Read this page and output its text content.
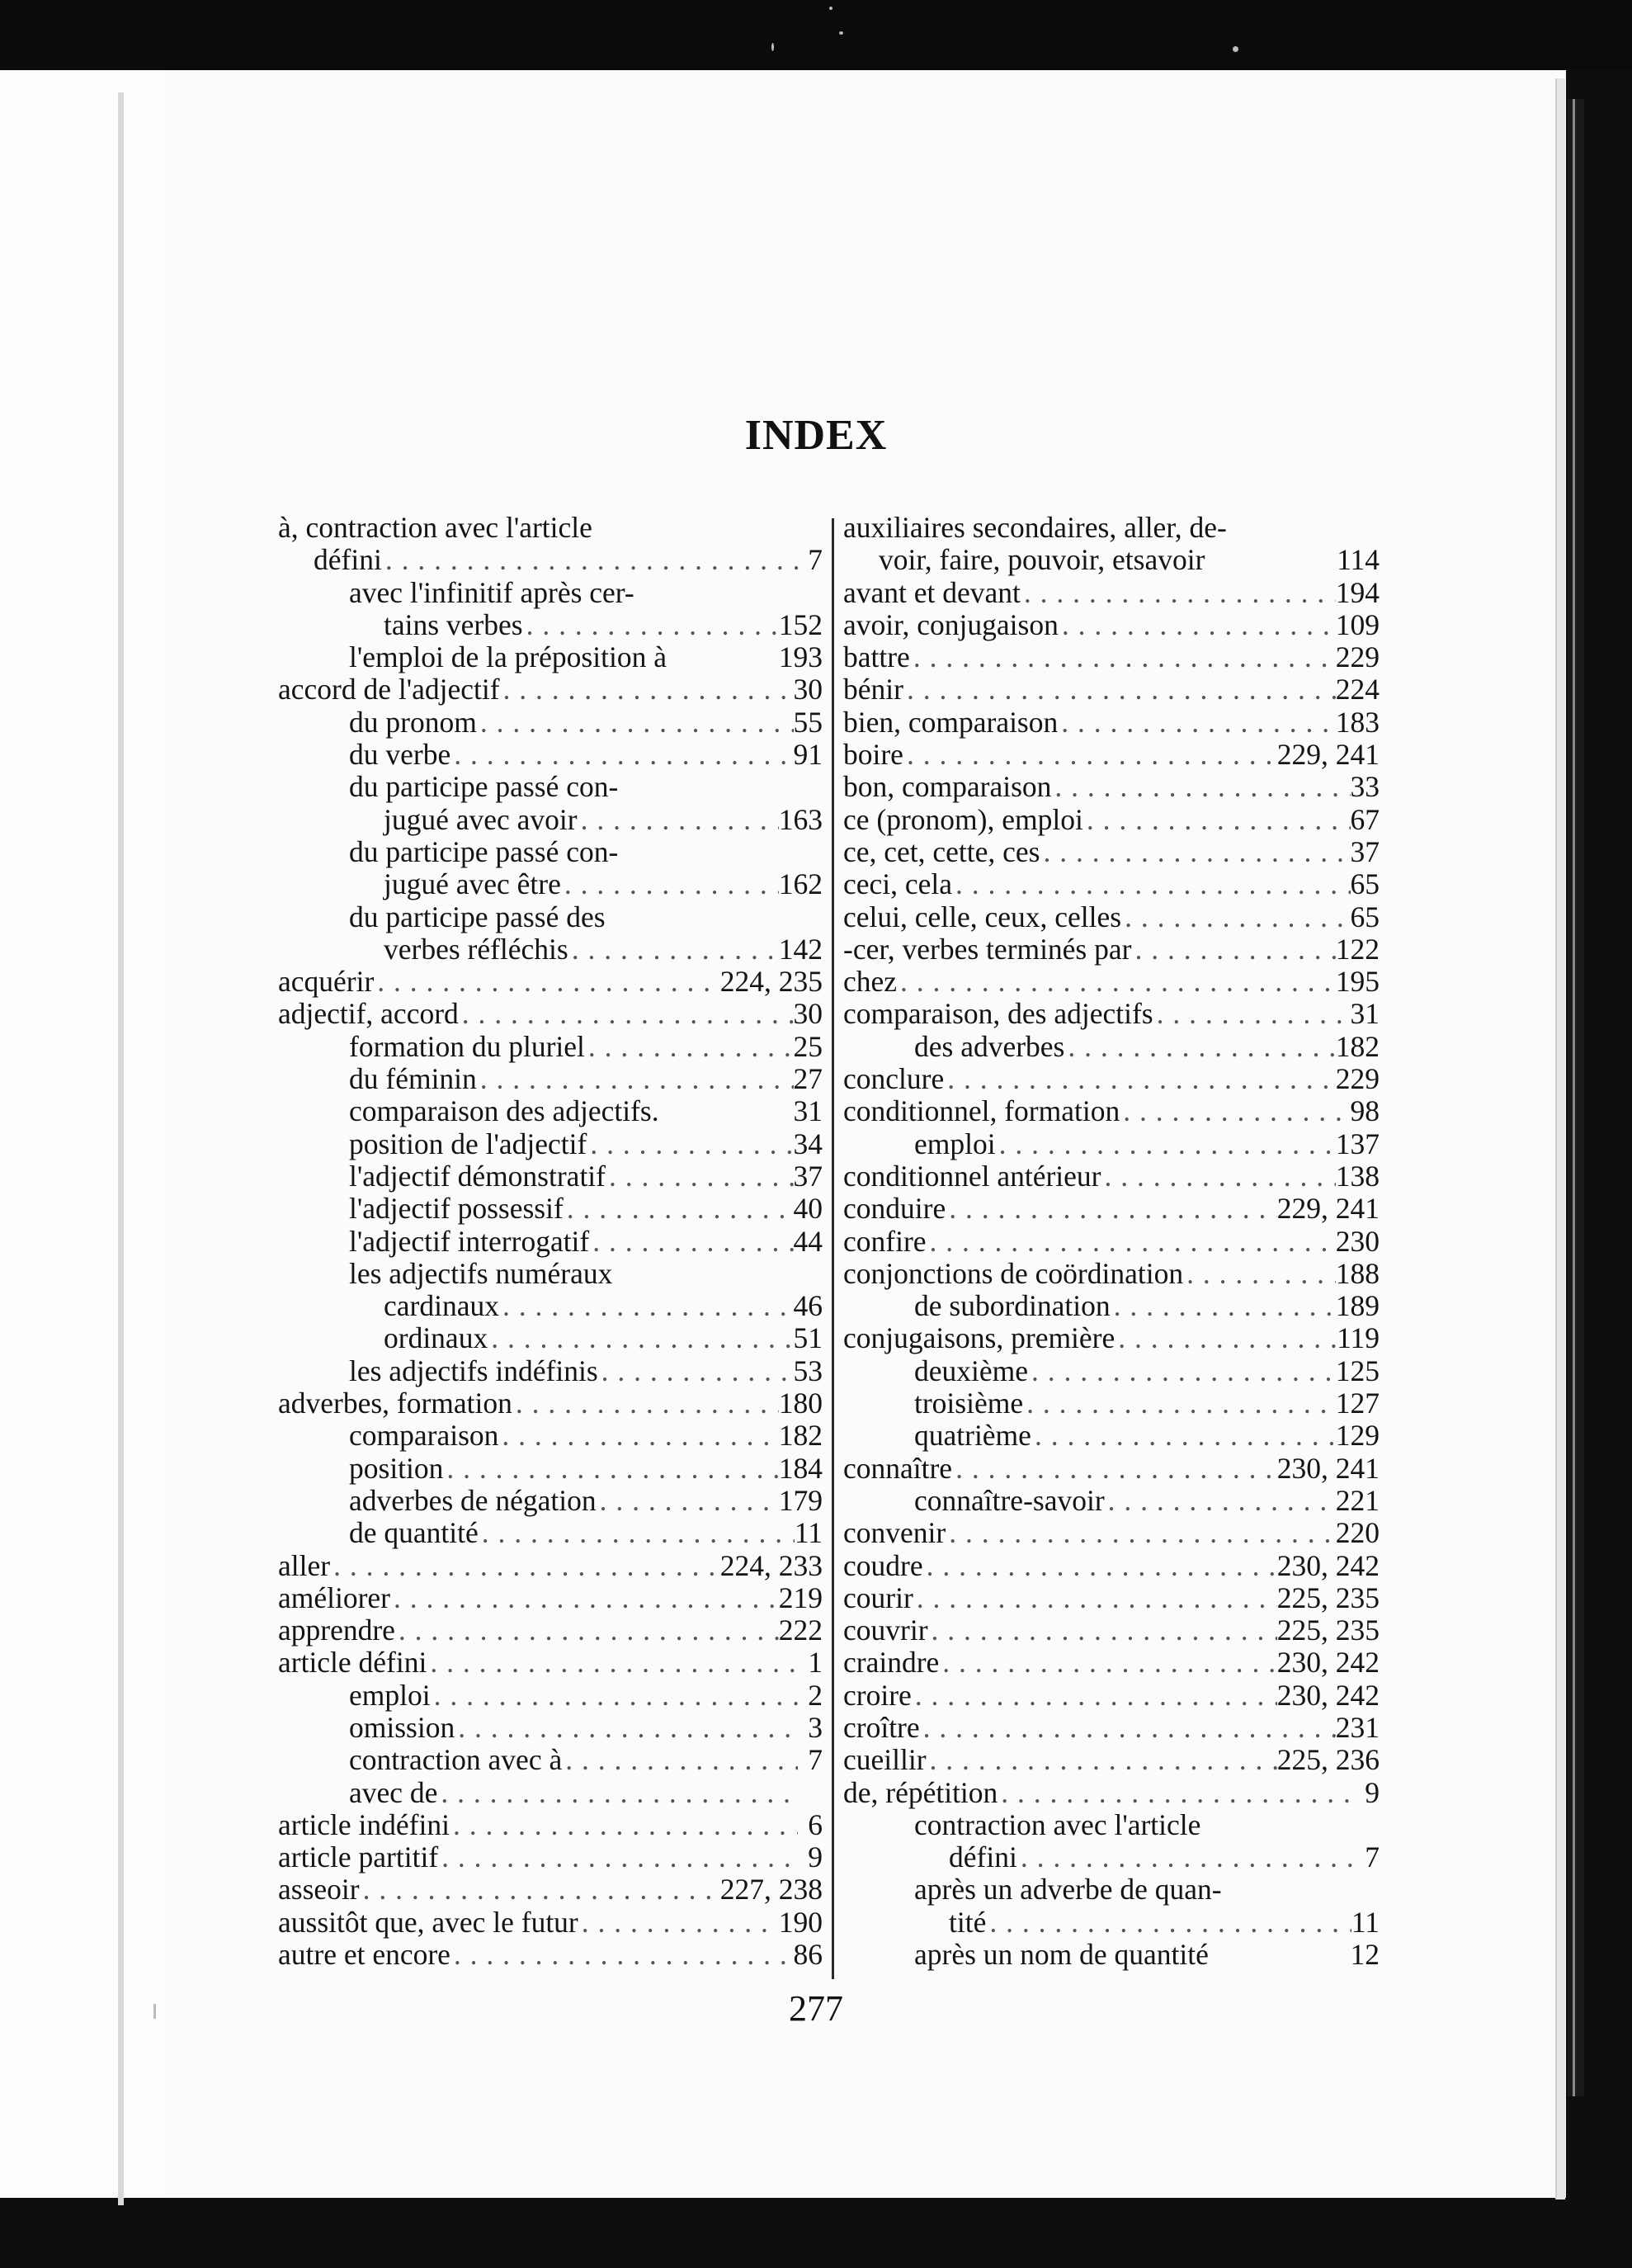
INDEX
à, contraction avec l'article
défini . . .	7
avec l'infinitif après cer-
tains verbes . . .	152
l'emploi de la préposition à	193
accord de l'adjectif . . .	30
du pronom . . .	55
du verbe . . .	91
du participe passé con-
jugué avec avoir . . .	163
du participe passé con-
jugué avec être . . .	162
du participe passé des
verbes réfléchis . . .	142
acquérir . . .	224, 235
adjectif, accord . . .	30
formation du pluriel . . .	25
du féminin . . .	27
comparaison des adjectifs.	31
position de l'adjectif . . .	34
l'adjectif démonstratif . . .	37
l'adjectif possessif . . .	40
l'adjectif interrogatif . . .	44
les adjectifs numéraux
cardinaux . . .	46
ordinaux . . .	51
les adjectifs indéfinis . . .	53
adverbes, formation . . .	180
comparaison . . .	182
position . . .	184
adverbes de négation . . .	179
de quantité . . .	11
aller . . .	224, 233
améliorer . . .	219
apprendre . . .	222
article défini . . .	1
emploi . . .	2
omission . . .	3
contraction avec à . . .	7
avec de
. . .
article indéfini . . .	6
article partitif . . .	9
asseoir . . .	227, 238
aussitôt que, avec le futur . . .	190
autre et encore . . .	86
auxiliaires secondaires, aller, de-
voir, faire, pouvoir, etsavoir	114
avant et devant . . .	194
avoir, conjugaison . . .	109
battre . . .	229
bénir . . .	224
bien, comparaison . . .	183
boire . . .	229, 241
bon, comparaison . . .	33
ce (pronom), emploi . . .	67
ce, cet, cette, ces . . .	37
ceci, cela . . .	65
celui, celle, ceux, celles . . .	65
-cer, verbes terminés par . . .	122
chez . . .	195
comparaison, des adjectifs . . .	31
des adverbes . . .	182
conclure . . .	229
conditionnel, formation . . .	98
emploi . . .	137
conditionnel antérieur . . .	138
conduire . . .	229, 241
confire . . .	230
conjonctions de coördination . . .	188
de subordination . . .	189
conjugaisons, première . . .	119
deuxième . . .	125
troisième . . .	127
quatrième . . .	129
connaître . . .	230, 241
connaître-savoir . . .	221
convenir . . .	220
coudre . . .	230, 242
courir . . .	225, 235
couvrir . . .	225, 235
craindre . . .	230, 242
croire . . .	230, 242
croître . . .	231
cueillir . . .	225, 236
de, répétition . . .	9
contraction avec l'article
défini . . .	7
après un adverbe de quan-
tité . . .	11
après un nom de quantité	12
277
